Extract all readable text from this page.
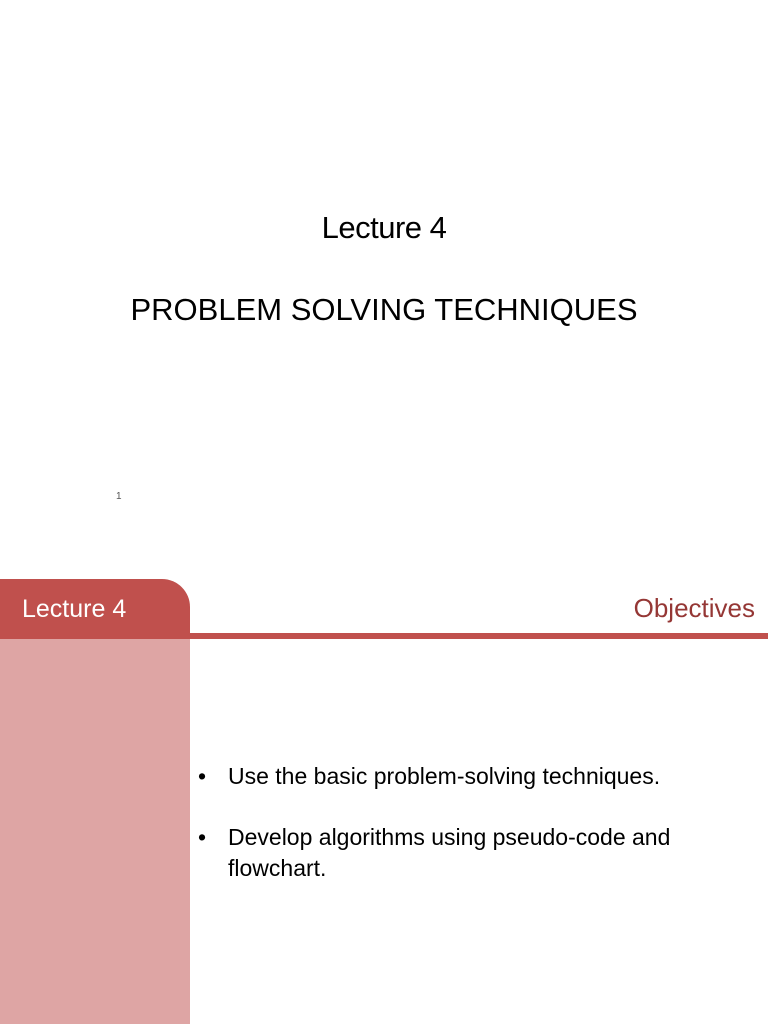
Lecture 4
PROBLEM SOLVING TECHNIQUES
1
Lecture 4	Objectives
• Use the basic problem-solving techniques.
• Develop algorithms using pseudo-code and flowchart.
